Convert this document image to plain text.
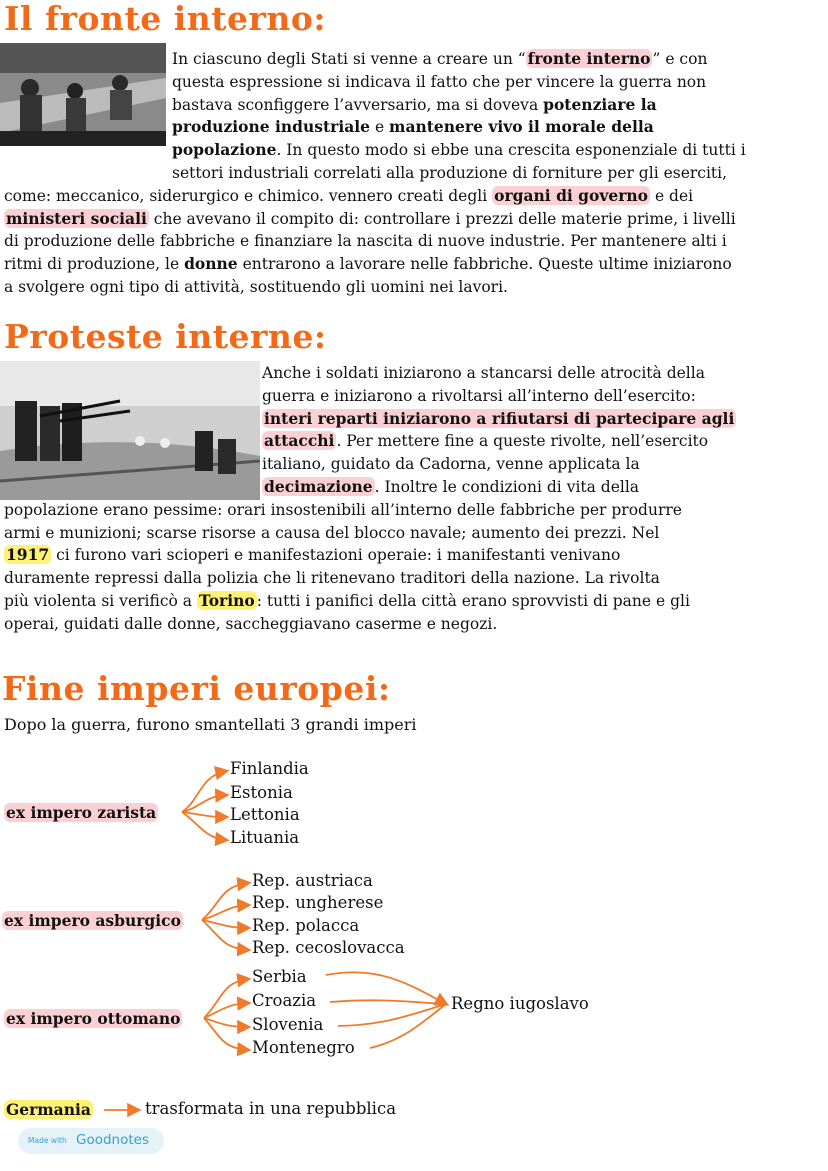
Il fronte interno:
In ciascuno degli Stati si venne a creare un “ fronte interno ” e con
questa espressione si indicava il fatto che per vincere la guerra non
bastava sconfiggere l’avversario, ma si doveva potenziare la
produzione industriale e mantenere vivo il morale della
popolazione. In questo modo si ebbe una crescita esponenziale di tutti i
settori industriali correlati alla produzione di forniture per gli eserciti,
come: meccanico, siderurgico e chimico. vennero creati degli organi di governo e dei
ministeri sociali che avevano il compito di: controllare i prezzi delle materie prime, i livelli
di produzione delle fabbriche e finanziare la nascita di nuove industrie. Per mantenere alti i
ritmi di produzione, le donne entrarono a lavorare nelle fabbriche. Queste ultime iniziarono
a svolgere ogni tipo di attività, sostituendo gli uomini nei lavori.
Proteste interne:
Anche i soldati iniziarono a stancarsi delle atrocità della
guerra e iniziarono a rivoltarsi all’interno dell’esercito:
interi reparti iniziarono a rifiutarsi di partecipare agli
attacchi . Per mettere fine a queste rivolte, nell’esercito
italiano, guidato da Cadorna, venne applicata la
decimazione . Inoltre le condizioni di vita della
popolazione erano pessime: orari insostenibili all’interno delle fabbriche per produrre
armi e munizioni; scarse risorse a causa del blocco navale; aumento dei prezzi. Nel
1917 ci furono vari scioperi e manifestazioni operaie: i manifestanti venivano
duramente repressi dalla polizia che li ritenevano traditori della nazione. La rivolta
più violenta si verificò a Torino : tutti i panifici della città erano sprovvisti di pane e gli
operai, guidati dalle donne, saccheggiavano caserme e negozi.
Fine imperi europei:
Dopo la guerra, furono smantellati 3 grandi imperi
ex impero zarista
Finlandia
Estonia
Lettonia
Lituania
ex impero asburgico
Rep. austriaca
Rep. ungherese
Rep. polacca
Rep. cecoslovacca
ex impero ottomano
Serbia
Croazia
Slovenia
Montenegro
Regno iugoslavo
Germania	trasformata in una repubblica
Made with Goodnotes
